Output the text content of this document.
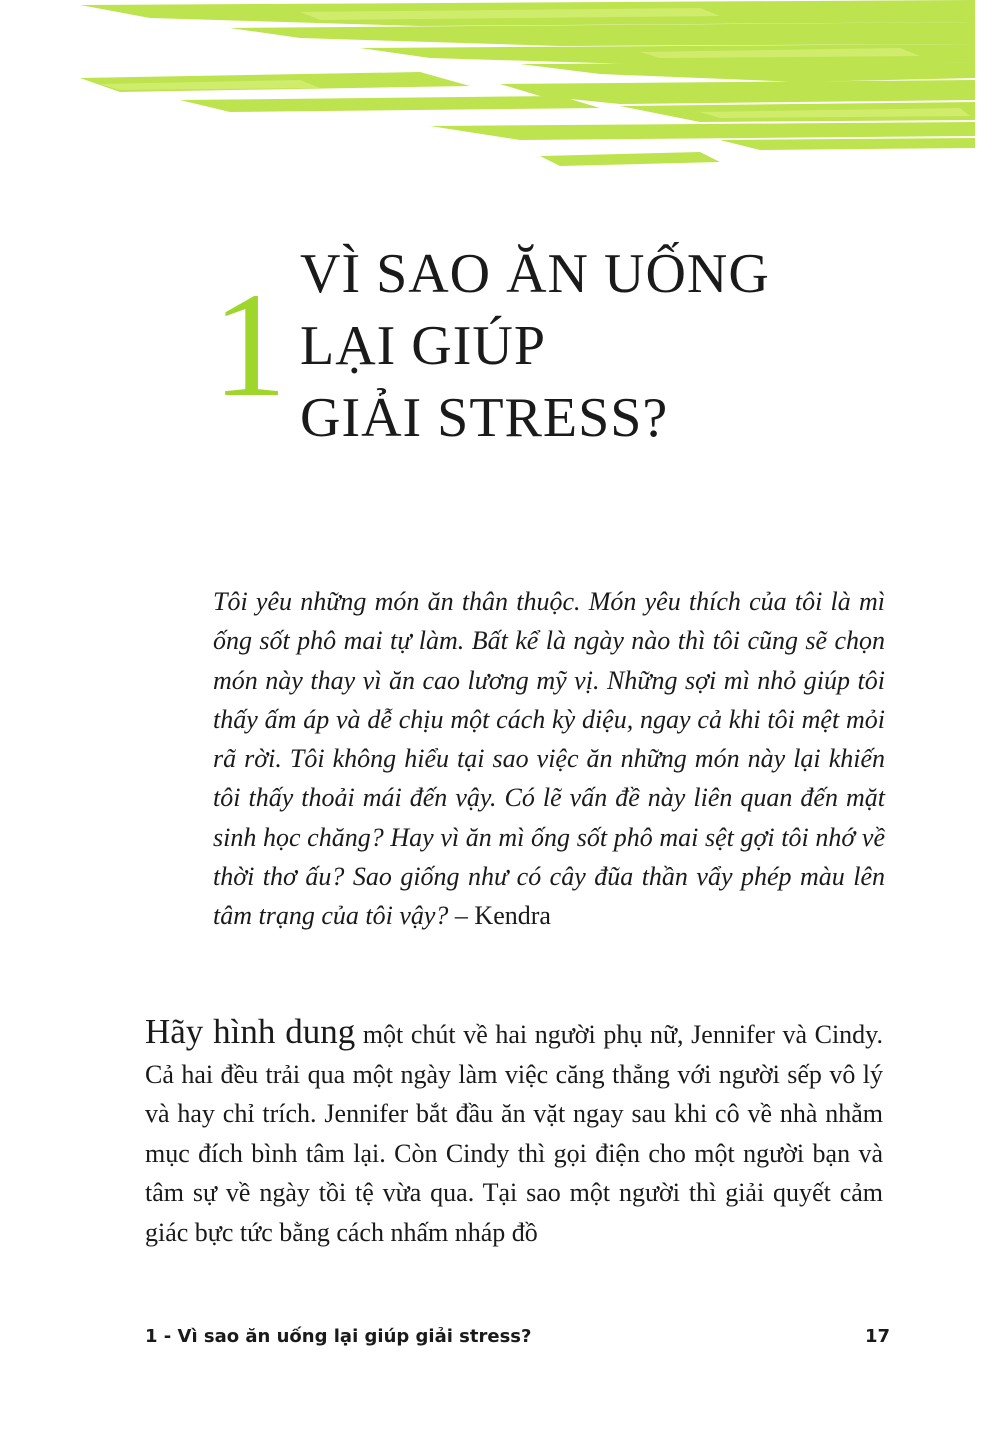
1 VÌ SAO ĂN UỐNG
LẠI GIÚP
GIẢI STRESS?

Tôi yêu những món ăn thân thuộc. Món yêu thích của tôi là mì ống sốt phô mai tự làm. Bất kể là ngày nào thì tôi cũng sẽ chọn món này thay vì ăn cao lương mỹ vị. Những sợi mì nhỏ giúp tôi thấy ấm áp và dễ chịu một cách kỳ diệu, ngay cả khi tôi mệt mỏi rã rời. Tôi không hiểu tại sao việc ăn những món này lại khiến tôi thấy thoải mái đến vậy. Có lẽ vấn đề này liên quan đến mặt sinh học chăng? Hay vì ăn mì ống sốt phô mai sệt gợi tôi nhớ về thời thơ ấu? Sao giống như có cây đũa thần vẩy phép màu lên tâm trạng của tôi vậy? – Kendra

Hãy hình dung một chút về hai người phụ nữ, Jennifer và Cindy. Cả hai đều trải qua một ngày làm việc căng thẳng với người sếp vô lý và hay chỉ trích. Jennifer bắt đầu ăn vặt ngay sau khi cô về nhà nhằm mục đích bình tâm lại. Còn Cindy thì gọi điện cho một người bạn và tâm sự về ngày tồi tệ vừa qua. Tại sao một người thì giải quyết cảm giác bực tức bằng cách nhấm nháp đồ

1 - Vì sao ăn uống lại giúp giải stress?	17
